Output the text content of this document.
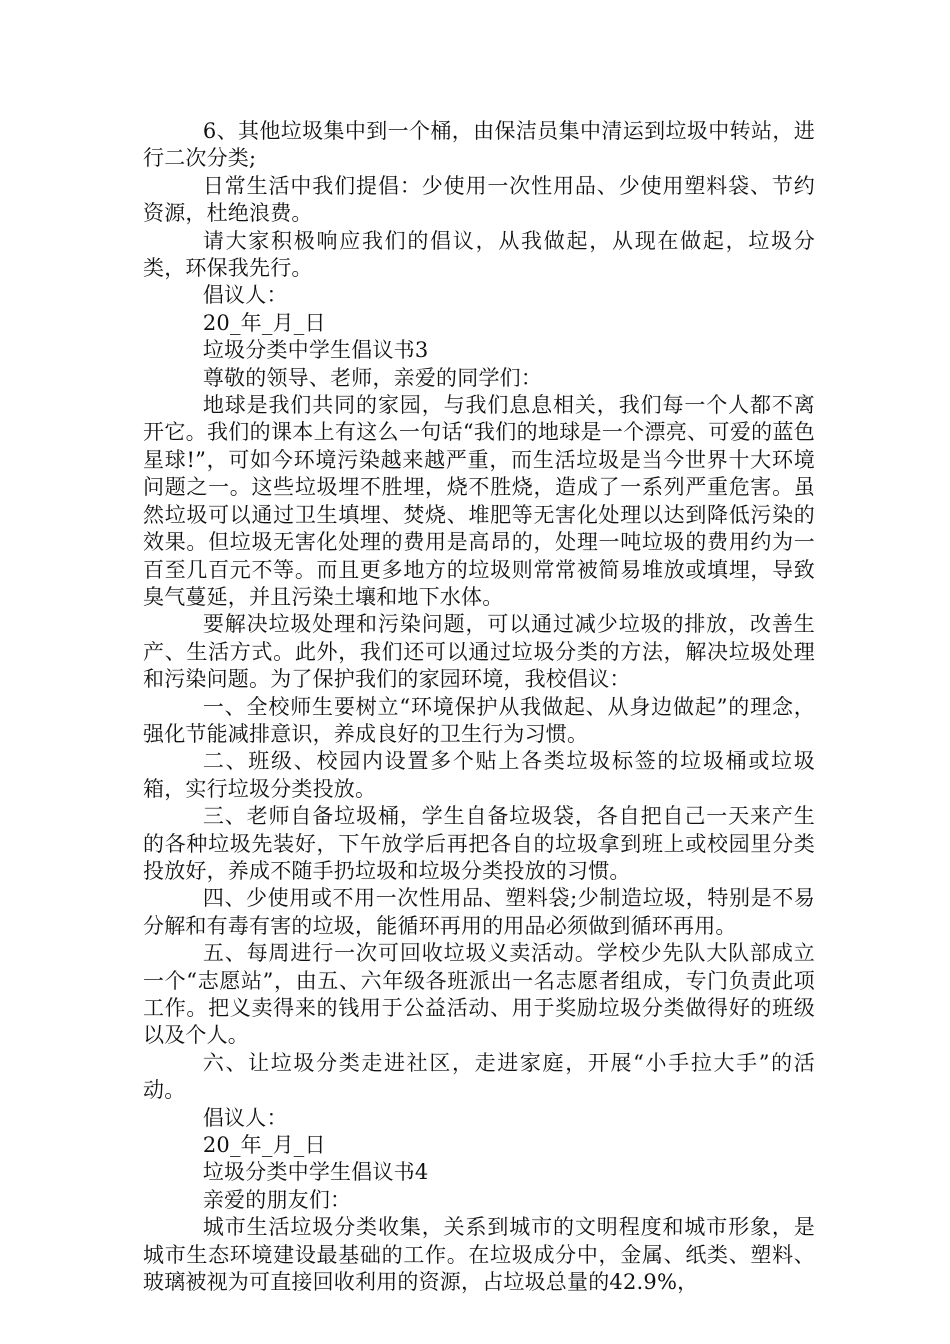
6、其他垃圾集中到一个桶，由保洁员集中清运到垃圾中转站，进行二次分类;

日常生活中我们提倡：少使用一次性用品、少使用塑料袋、节约资源，杜绝浪费。

请大家积极响应我们的倡议，从我做起，从现在做起，垃圾分类，环保我先行。

倡议人：

20_年_月_日

垃圾分类中学生倡议书3

尊敬的领导、老师，亲爱的同学们：

地球是我们共同的家园，与我们息息相关，我们每一个人都不离开它。我们的课本上有这么一句话“我们的地球是一个漂亮、可爱的蓝色星球!”，可如今环境污染越来越严重，而生活垃圾是当今世界十大环境问题之一。这些垃圾埋不胜埋，烧不胜烧，造成了一系列严重危害。虽然垃圾可以通过卫生填埋、焚烧、堆肥等无害化处理以达到降低污染的效果。但垃圾无害化处理的费用是高昂的，处理一吨垃圾的费用约为一百至几百元不等。而且更多地方的垃圾则常常被简易堆放或填埋，导致臭气蔓延，并且污染土壤和地下水体。

要解决垃圾处理和污染问题，可以通过减少垃圾的排放，改善生产、生活方式。此外，我们还可以通过垃圾分类的方法，解决垃圾处理和污染问题。为了保护我们的家园环境，我校倡议：

一、全校师生要树立“环境保护从我做起、从身边做起”的理念，强化节能减排意识，养成良好的卫生行为习惯。

二、班级、校园内设置多个贴上各类垃圾标签的垃圾桶或垃圾箱，实行垃圾分类投放。

三、老师自备垃圾桶，学生自备垃圾袋，各自把自己一天来产生的各种垃圾先装好，下午放学后再把各自的垃圾拿到班上或校园里分类投放好，养成不随手扔垃圾和垃圾分类投放的习惯。

四、少使用或不用一次性用品、塑料袋;少制造垃圾，特别是不易分解和有毒有害的垃圾，能循环再用的用品必须做到循环再用。

五、每周进行一次可回收垃圾义卖活动。学校少先队大队部成立一个“志愿站”，由五、六年级各班派出一名志愿者组成，专门负责此项工作。把义卖得来的钱用于公益活动、用于奖励垃圾分类做得好的班级以及个人。

六、让垃圾分类走进社区，走进家庭，开展“小手拉大手”的活动。

倡议人：

20_年_月_日

垃圾分类中学生倡议书4

亲爱的朋友们：

城市生活垃圾分类收集，关系到城市的文明程度和城市形象，是城市生态环境建设最基础的工作。在垃圾成分中，金属、纸类、塑料、玻璃被视为可直接回收利用的资源，占垃圾总量的42.9%，
